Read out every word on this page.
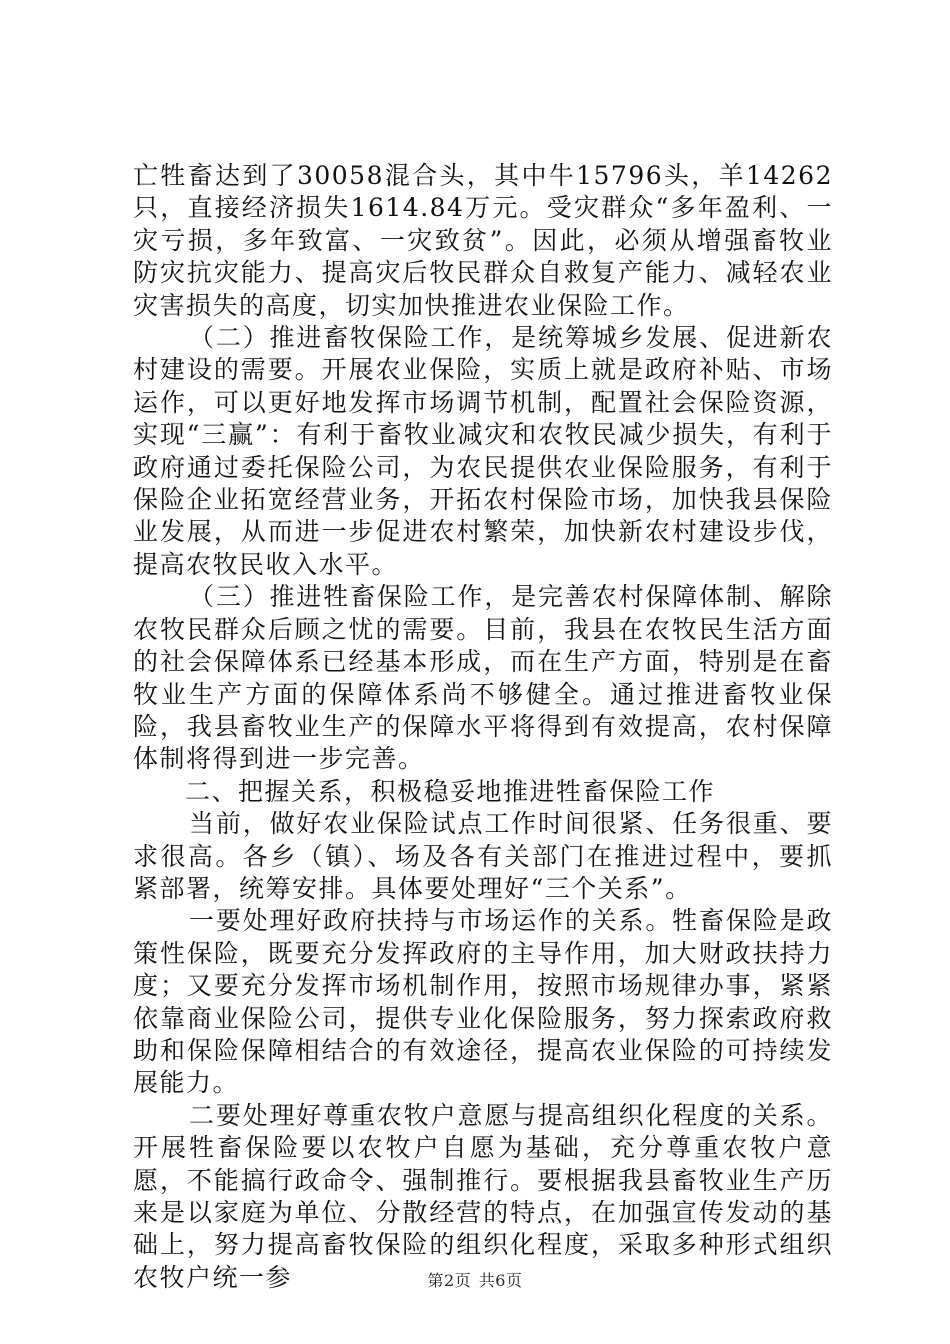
亡牲畜达到了30058混合头，其中牛15796头，羊14262只，直接经济损失1614.84万元。受灾群众“多年盈利、一灾亏损，多年致富、一灾致贫”。因此，必须从增强畜牧业防灾抗灾能力、提高灾后牧民群众自救复产能力、减轻农业灾害损失的高度，切实加快推进农业保险工作。

（二）推进畜牧保险工作，是统筹城乡发展、促进新农村建设的需要。开展农业保险，实质上就是政府补贴、市场运作，可以更好地发挥市场调节机制，配置社会保险资源，实现“三赢”：有利于畜牧业减灾和农牧民减少损失，有利于政府通过委托保险公司，为农民提供农业保险服务，有利于保险企业拓宽经营业务，开拓农村保险市场，加快我县保险业发展，从而进一步促进农村繁荣，加快新农村建设步伐，提高农牧民收入水平。

（三）推进牲畜保险工作，是完善农村保障体制、解除农牧民群众后顾之忧的需要。目前，我县在农牧民生活方面的社会保障体系已经基本形成，而在生产方面，特别是在畜牧业生产方面的保障体系尚不够健全。通过推进畜牧业保险，我县畜牧业生产的保障水平将得到有效提高，农村保障体制将得到进一步完善。

二、把握关系，积极稳妥地推进牲畜保险工作

当前，做好农业保险试点工作时间很紧、任务很重、要求很高。各乡（镇）、场及各有关部门在推进过程中，要抓紧部署，统筹安排。具体要处理好“三个关系”。

一要处理好政府扶持与市场运作的关系。牲畜保险是政策性保险，既要充分发挥政府的主导作用，加大财政扶持力度；又要充分发挥市场机制作用，按照市场规律办事，紧紧依靠商业保险公司，提供专业化保险服务，努力探索政府救助和保险保障相结合的有效途径，提高农业保险的可持续发展能力。

二要处理好尊重农牧户意愿与提高组织化程度的关系。开展牲畜保险要以农牧户自愿为基础，充分尊重农牧户意愿，不能搞行政命令、强制推行。要根据我县畜牧业生产历来是以家庭为单位、分散经营的特点，在加强宣传发动的基础上，努力提高畜牧保险的组织化程度，采取多种形式组织农牧户统一参	第2页 共6页
